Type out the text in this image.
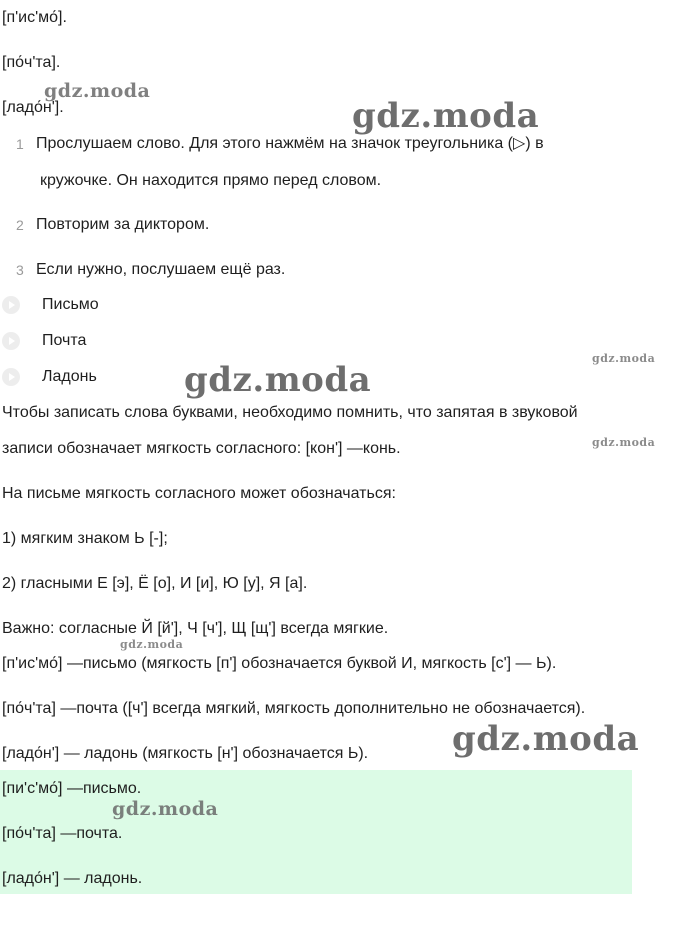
[п'ис'мо́].
[по́ч'та].
[ладо́н'].
1 Прослушаем слово. Для этого нажмём на значок треугольника (▷) в
кружочке. Он находится прямо перед словом.
2 Повторим за диктором.
3 Если нужно, послушаем ещё раз.
Письмо
Почта
Ладонь
Чтобы записать слова буквами, необходимо помнить, что запятая в звуковой
записи обозначает мягкость согласного: [кон'] —конь.
На письме мягкость согласного может обозначаться:
1) мягким знаком Ь [-];
2) гласными Е [э], Ё [о], И [и], Ю [у], Я [а].
Важно: согласные Й [й'], Ч [ч'], Щ [щ'] всегда мягкие.
[п'ис'мо́] —письмо (мягкость [п'] обозначается буквой И, мягкость [с'] — Ь).
[по́ч'та] —почта ([ч'] всегда мягкий, мягкость дополнительно не обозначается).
[ладо́н'] — ладонь (мягкость [н'] обозначается Ь).
[пи'с'мо́] —письмо.
[по́ч'та] —почта.
[ладо́н'] — ладонь.
gdz.moda
gdz.moda
gdz.moda
gdz.moda
gdz.moda
gdz.moda
gdz.moda
gdz.moda
